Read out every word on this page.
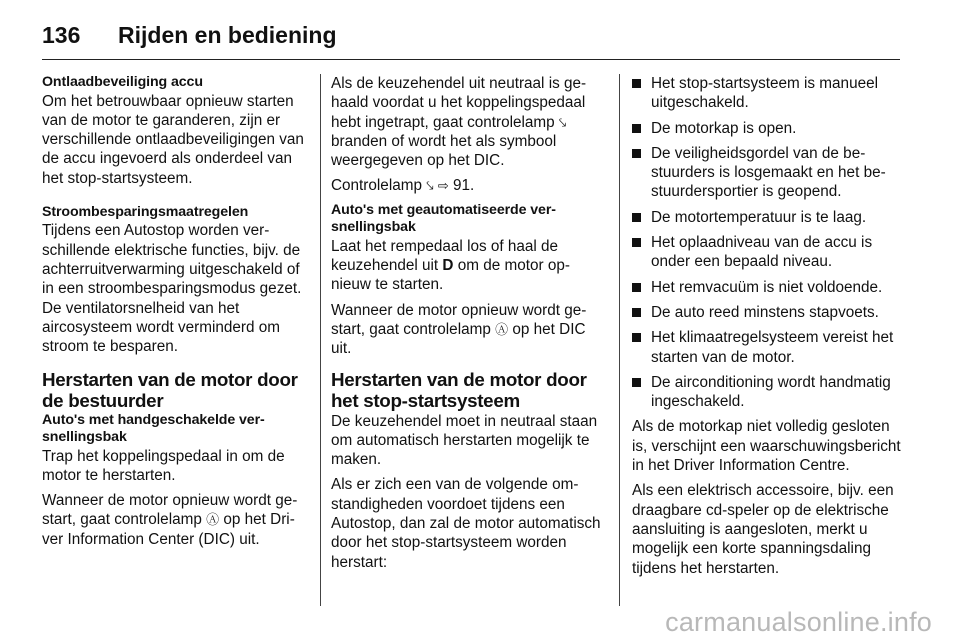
136 Rijden en bediening
Ontlaadbeveiliging accu

Om het betrouwbaar opnieuw starten van de motor te garanderen, zijn er verschillende ontlaadbeveiligingen van de accu ingevoerd als onderdeel van het stop-startsysteem.

Stroombesparingsmaatregelen

Tijdens een Autostop worden verschillende elektrische functies, bijv. de achterruitverwarming uitgeschakeld of in een stroombesparingsmodus gezet. De ventilatorsnelheid van het aircosysteem wordt verminderd om stroom te besparen.

Herstarten van de motor door de bestuurder
Auto's met handgeschakelde versnellingsbak

Trap het koppelingspedaal in om de motor te herstarten.

Wanneer de motor opnieuw wordt gestart, gaat controlelamp Ⓐ op het Driver Information Center (DIC) uit.

Als de keuzehendel uit neutraal is gehaald voordat u het koppelingspedaal hebt ingetrapt, gaat controlelamp ⤥ branden of wordt het als symbool weergegeven op het DIC.

Controlelamp ⤥ ⇨ 91.

Auto's met geautomatiseerde versnellingsbak

Laat het rempedaal los of haal de keuzehendel uit D om de motor opnieuw te starten.

Wanneer de motor opnieuw wordt gestart, gaat controlelamp Ⓐ op het DIC uit.

Herstarten van de motor door het stop-startsysteem

De keuzehendel moet in neutraal staan om automatisch herstarten mogelijk te maken.

Als er zich een van de volgende omstandigheden voordoet tijdens een Autostop, dan zal de motor automatisch door het stop-startsysteem worden herstart:

Het stop-startsysteem is manueel uitgeschakeld.
De motorkap is open.
De veiligheidsgordel van de bestuurders is losgemaakt en het bestuurdersportier is geopend.
De motortemperatuur is te laag.
Het oplaadniveau van de accu is onder een bepaald niveau.
Het remvacuüm is niet voldoende.
De auto reed minstens stapvoets.
Het klimaatregelsysteem vereist het starten van de motor.
De airconditioning wordt handmatig ingeschakeld.

Als de motorkap niet volledig gesloten is, verschijnt een waarschuwingsbericht in het Driver Information Centre.

Als een elektrisch accessoire, bijv. een draagbare cd-speler op de elektrische aansluiting is aangesloten, merkt u mogelijk een korte spanningsdaling tijdens het herstarten.

carmanualsonline.info
